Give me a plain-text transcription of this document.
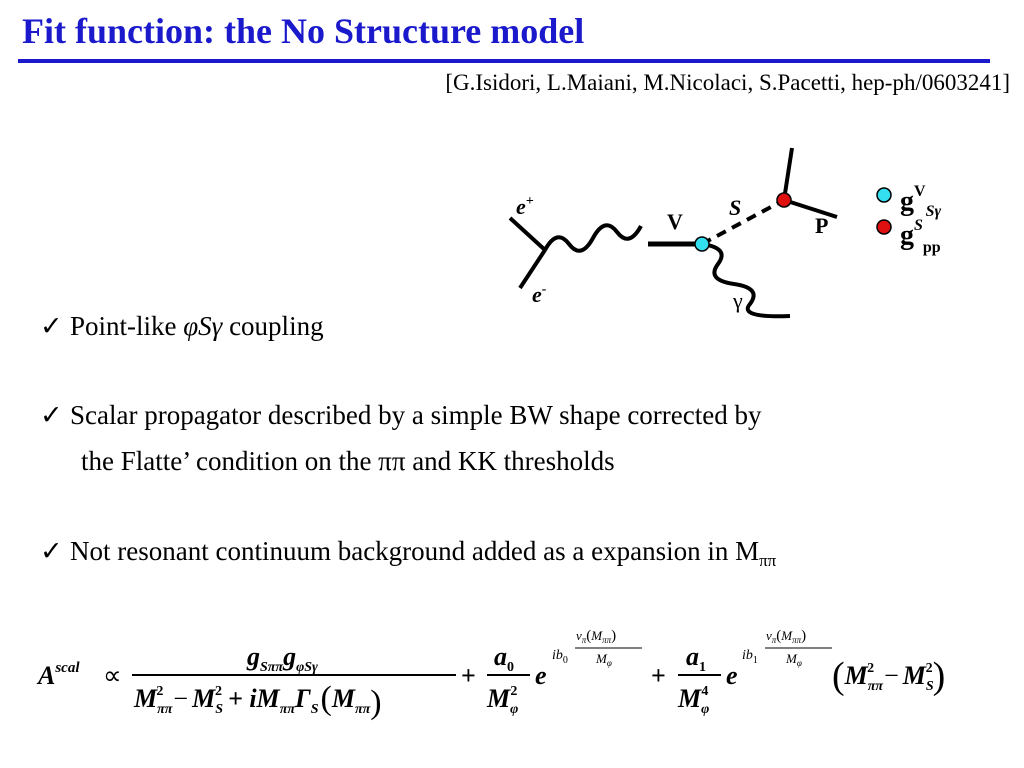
Fit function: the No Structure model
[G.Isidori, L.Maiani, M.Nicolaci, S.Pacetti, hep-ph/0603241]
e+
e-
V
S
P
γ
$g^V_{S\gamma}$
$g^S_{pp}$
✓ Point-like φSγ coupling
✓ Scalar propagator described by a simple BW shape corrected by
the Flatte’ condition on the ππ and KK thresholds
✓ Not resonant continuum background added as a expansion in $M_{\pi\pi}$
$A^{scal}$ ∝
$g_{S\pi\pi}g_{\varphi S\gamma}$
$M_{\pi\pi}2 - M_S2 + iM_{\pi\pi}\Gamma_S(M_{\pi\pi})$
+
$a_0$
$M_\varphi 2$
e
$ib_0$
$\nu_\pi(M_{\pi\pi})$
$M_\varphi$ +
$a_1$
$M_\varphi 4$
e
$ib_1$
$\nu_\pi(M_{\pi\pi})$
$M_\varphi$ (Mππ2 $_-$ MS2)
